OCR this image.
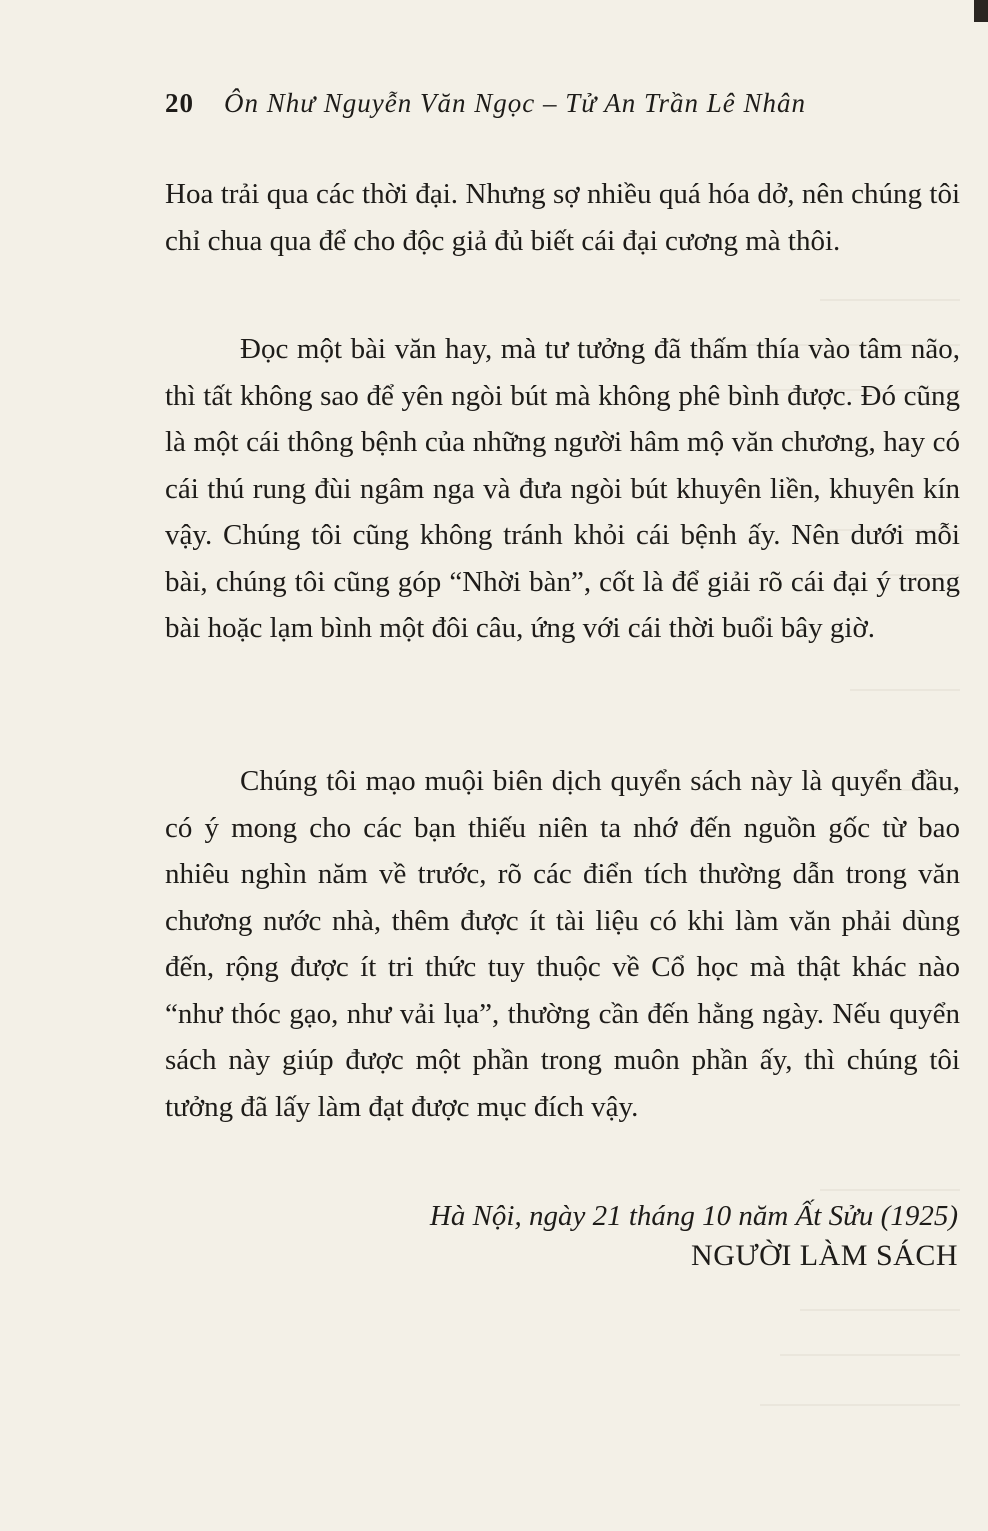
20 Ôn Như Nguyễn Văn Ngọc – Tử An Trần Lê Nhân
Hoa trải qua các thời đại. Nhưng sợ nhiều quá hóa dở, nên chúng tôi chỉ chua qua để cho độc giả đủ biết cái đại cương mà thôi.
Đọc một bài văn hay, mà tư tưởng đã thấm thía vào tâm não, thì tất không sao để yên ngòi bút mà không phê bình được. Đó cũng là một cái thông bệnh của những người hâm mộ văn chương, hay có cái thú rung đùi ngâm nga và đưa ngòi bút khuyên liền, khuyên kín vậy. Chúng tôi cũng không tránh khỏi cái bệnh ấy. Nên dưới mỗi bài, chúng tôi cũng góp “Nhời bàn”, cốt là để giải rõ cái đại ý trong bài hoặc lạm bình một đôi câu, ứng với cái thời buổi bây giờ.
Chúng tôi mạo muội biên dịch quyển sách này là quyển đầu, có ý mong cho các bạn thiếu niên ta nhớ đến nguồn gốc từ bao nhiêu nghìn năm về trước, rõ các điển tích thường dẫn trong văn chương nước nhà, thêm được ít tài liệu có khi làm văn phải dùng đến, rộng được ít tri thức tuy thuộc về Cổ học mà thật khác nào “như thóc gạo, như vải lụa”, thường cần đến hằng ngày. Nếu quyển sách này giúp được một phần trong muôn phần ấy, thì chúng tôi tưởng đã lấy làm đạt được mục đích vậy.
Hà Nội, ngày 21 tháng 10 năm Ất Sửu (1925)
NGƯỜI LÀM SÁCH
